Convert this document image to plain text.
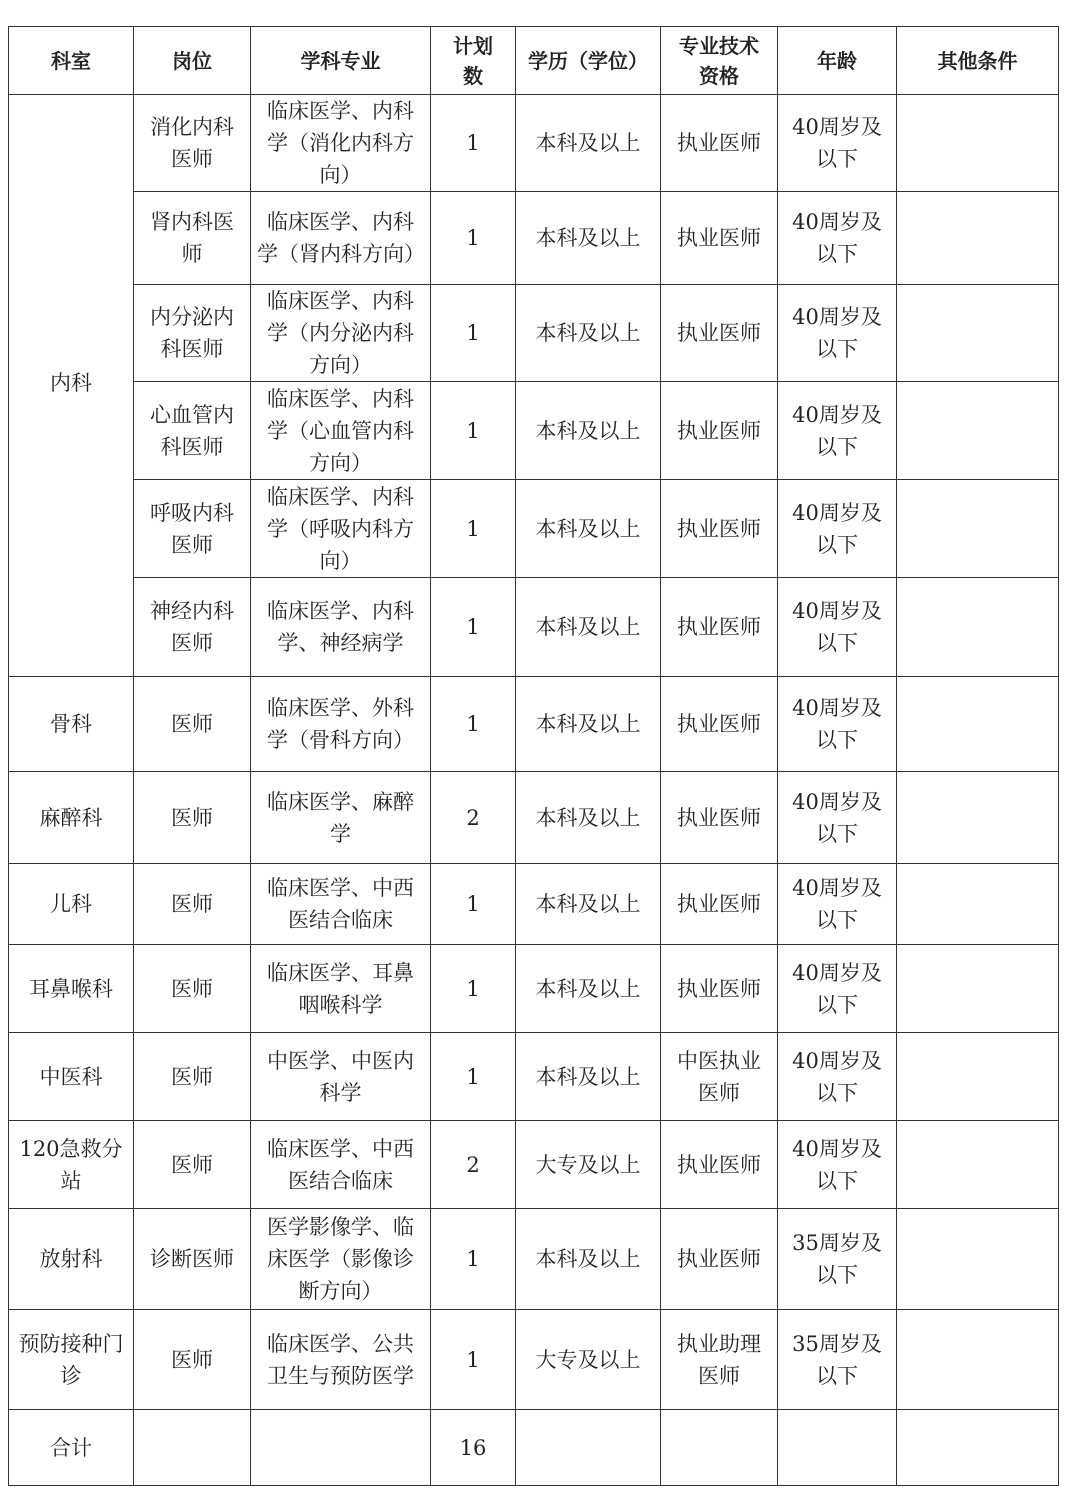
科室	岗位	学科专业	计划数	学历（学位）	专业技术资格	年龄	其他条件
内科	消化内科医师	临床医学、内科学（消化内科方向）	1	本科及以上	执业医师	40周岁及以下	
	肾内科医师	临床医学、内科学（肾内科方向）	1	本科及以上	执业医师	40周岁及以下	
	内分泌内科医师	临床医学、内科学（内分泌内科方向）	1	本科及以上	执业医师	40周岁及以下	
	心血管内科医师	临床医学、内科学（心血管内科方向）	1	本科及以上	执业医师	40周岁及以下	
	呼吸内科医师	临床医学、内科学（呼吸内科方向）	1	本科及以上	执业医师	40周岁及以下	
	神经内科医师	临床医学、内科学、神经病学	1	本科及以上	执业医师	40周岁及以下	
骨科	医师	临床医学、外科学（骨科方向）	1	本科及以上	执业医师	40周岁及以下	
麻醉科	医师	临床医学、麻醉学	2	本科及以上	执业医师	40周岁及以下	
儿科	医师	临床医学、中西医结合临床	1	本科及以上	执业医师	40周岁及以下	
耳鼻喉科	医师	临床医学、耳鼻咽喉科学	1	本科及以上	执业医师	40周岁及以下	
中医科	医师	中医学、中医内科学	1	本科及以上	中医执业医师	40周岁及以下	
120急救分站	医师	临床医学、中西医结合临床	2	大专及以上	执业医师	40周岁及以下	
放射科	诊断医师	医学影像学、临床医学（影像诊断方向）	1	本科及以上	执业医师	35周岁及以下	
预防接种门诊	医师	临床医学、公共卫生与预防医学	1	大专及以上	执业助理医师	35周岁及以下	
合计			16				
